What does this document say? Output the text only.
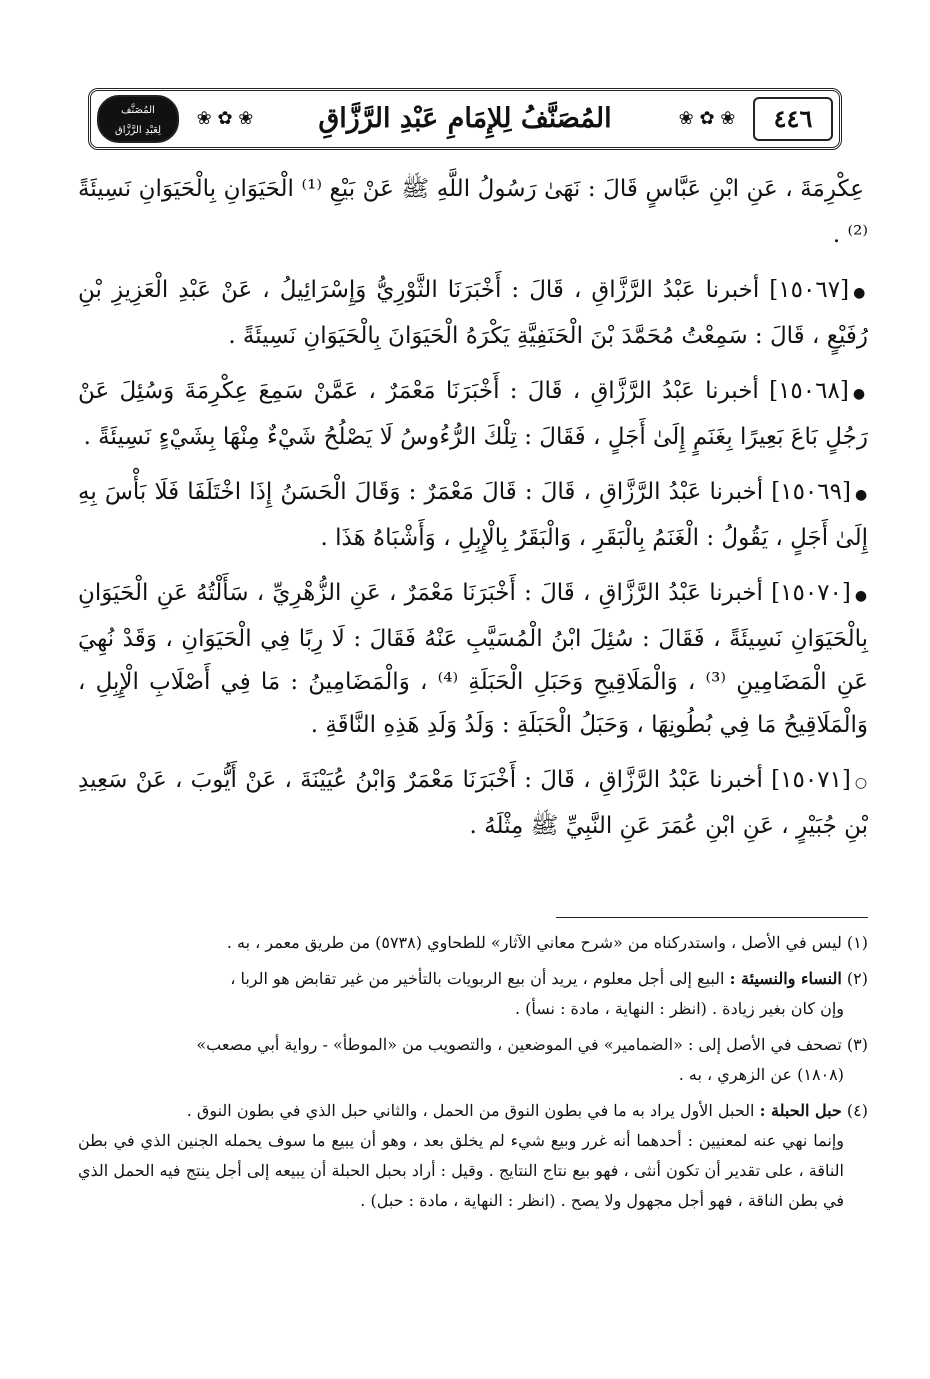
٤٤٦
❀ ✿ ❀
المُصَنَّفُ لِلإِمَامِ عَبْدِ الرَّزَّاقِ
❀ ✿ ❀
المُصَنَّف
لِعَبْدِ الرَّزَّاق

عِكْرِمَةَ ، عَنِ ابْنِ عَبَّاسٍ قَالَ : نَهَىٰ رَسُولُ اللَّهِ ﷺ عَنْ بَيْعِ ⁽¹⁾ الْحَيَوَانِ بِالْحَيَوَانِ نَسِيئَةً ⁽²⁾ .

●[١٥٠٦٧] أخبرنا عَبْدُ الرَّزَّاقِ ، قَالَ : أَخْبَرَنَا الثَّوْرِيُّ وَإِسْرَائِيلُ ، عَنْ عَبْدِ الْعَزِيزِ بْنِ رُفَيْعٍ ، قَالَ : سَمِعْتُ مُحَمَّدَ بْنَ الْحَنَفِيَّةِ يَكْرَهُ الْحَيَوَانَ بِالْحَيَوَانِ نَسِيئَةً .

●[١٥٠٦٨] أخبرنا عَبْدُ الرَّزَّاقِ ، قَالَ : أَخْبَرَنَا مَعْمَرٌ ، عَمَّنْ سَمِعَ عِكْرِمَةَ وَسُئِلَ عَنْ رَجُلٍ بَاعَ بَعِيرًا بِغَنَمٍ إِلَىٰ أَجَلٍ ، فَقَالَ : تِلْكَ الرُّءُوسُ لَا يَصْلُحُ شَيْءٌ مِنْهَا بِشَيْءٍ نَسِيئَةً .

●[١٥٠٦٩] أخبرنا عَبْدُ الرَّزَّاقِ ، قَالَ : قَالَ مَعْمَرٌ : وَقَالَ الْحَسَنُ إِذَا اخْتَلَفَا فَلَا بَأْسَ بِهِ إِلَىٰ أَجَلٍ ، يَقُولُ : الْغَنَمُ بِالْبَقَرِ ، وَالْبَقَرُ بِالْإِبِلِ ، وَأَشْبَاهُ هَذَا .

●[١٥٠٧٠] أخبرنا عَبْدُ الرَّزَّاقِ ، قَالَ : أَخْبَرَنَا مَعْمَرٌ ، عَنِ الزُّهْرِيِّ ، سَأَلْتُهُ عَنِ الْحَيَوَانِ بِالْحَيَوَانِ نَسِيئَةً ، فَقَالَ : سُئِلَ ابْنُ الْمُسَيَّبِ عَنْهُ فَقَالَ : لَا رِبًا فِي الْحَيَوَانِ ، وَقَدْ نُهِيَ عَنِ الْمَضَامِينِ ⁽³⁾ ، وَالْمَلَاقِيحِ وَحَبَلِ الْحَبَلَةِ ⁽⁴⁾ ، وَالْمَضَامِينُ : مَا فِي أَصْلَابِ الْإِبِلِ ، وَالْمَلَاقِيحُ مَا فِي بُطُونِهَا ، وَحَبَلُ الْحَبَلَةِ : وَلَدُ وَلَدِ هَذِهِ النَّاقَةِ .

○[١٥٠٧١] أخبرنا عَبْدُ الرَّزَّاقِ ، قَالَ : أَخْبَرَنَا مَعْمَرٌ وَابْنُ عُيَيْنَةَ ، عَنْ أَيُّوبَ ، عَنْ سَعِيدِ بْنِ جُبَيْرٍ ، عَنِ ابْنِ عُمَرَ عَنِ النَّبِيِّ ﷺ مِثْلَهُ .

(١) ليس في الأصل ، واستدركناه من «شرح معاني الآثار» للطحاوي (٥٧٣٨) من طريق معمر ، به .
(٢) النساء والنسيئة : البيع إلى أجل معلوم ، يريد أن بيع الربويات بالتأخير من غير تقابض هو الربا ،
وإن كان بغير زيادة . (انظر : النهاية ، مادة : نسأ) .
(٣) تصحف في الأصل إلى : «الضمامير» في الموضعين ، والتصويب من «الموطأ» - رواية أبي مصعب»
(١٨٠٨) عن الزهري ، به .
(٤) حبل الحبلة : الحبل الأول يراد به ما في بطون النوق من الحمل ، والثاني حبل الذي في بطون النوق .
وإنما نهي عنه لمعنيين : أحدهما أنه غرر وبيع شيء لم يخلق بعد ، وهو أن يبيع ما سوف يحمله الجنين الذي في بطن الناقة ، على تقدير أن تكون أنثى ، فهو بيع نتاج النتايج . وقيل : أراد بحبل الحبلة أن يبيعه إلى أجل ينتج فيه الحمل الذي في بطن الناقة ، فهو أجل مجهول ولا يصح . (انظر : النهاية ، مادة : حبل) .
